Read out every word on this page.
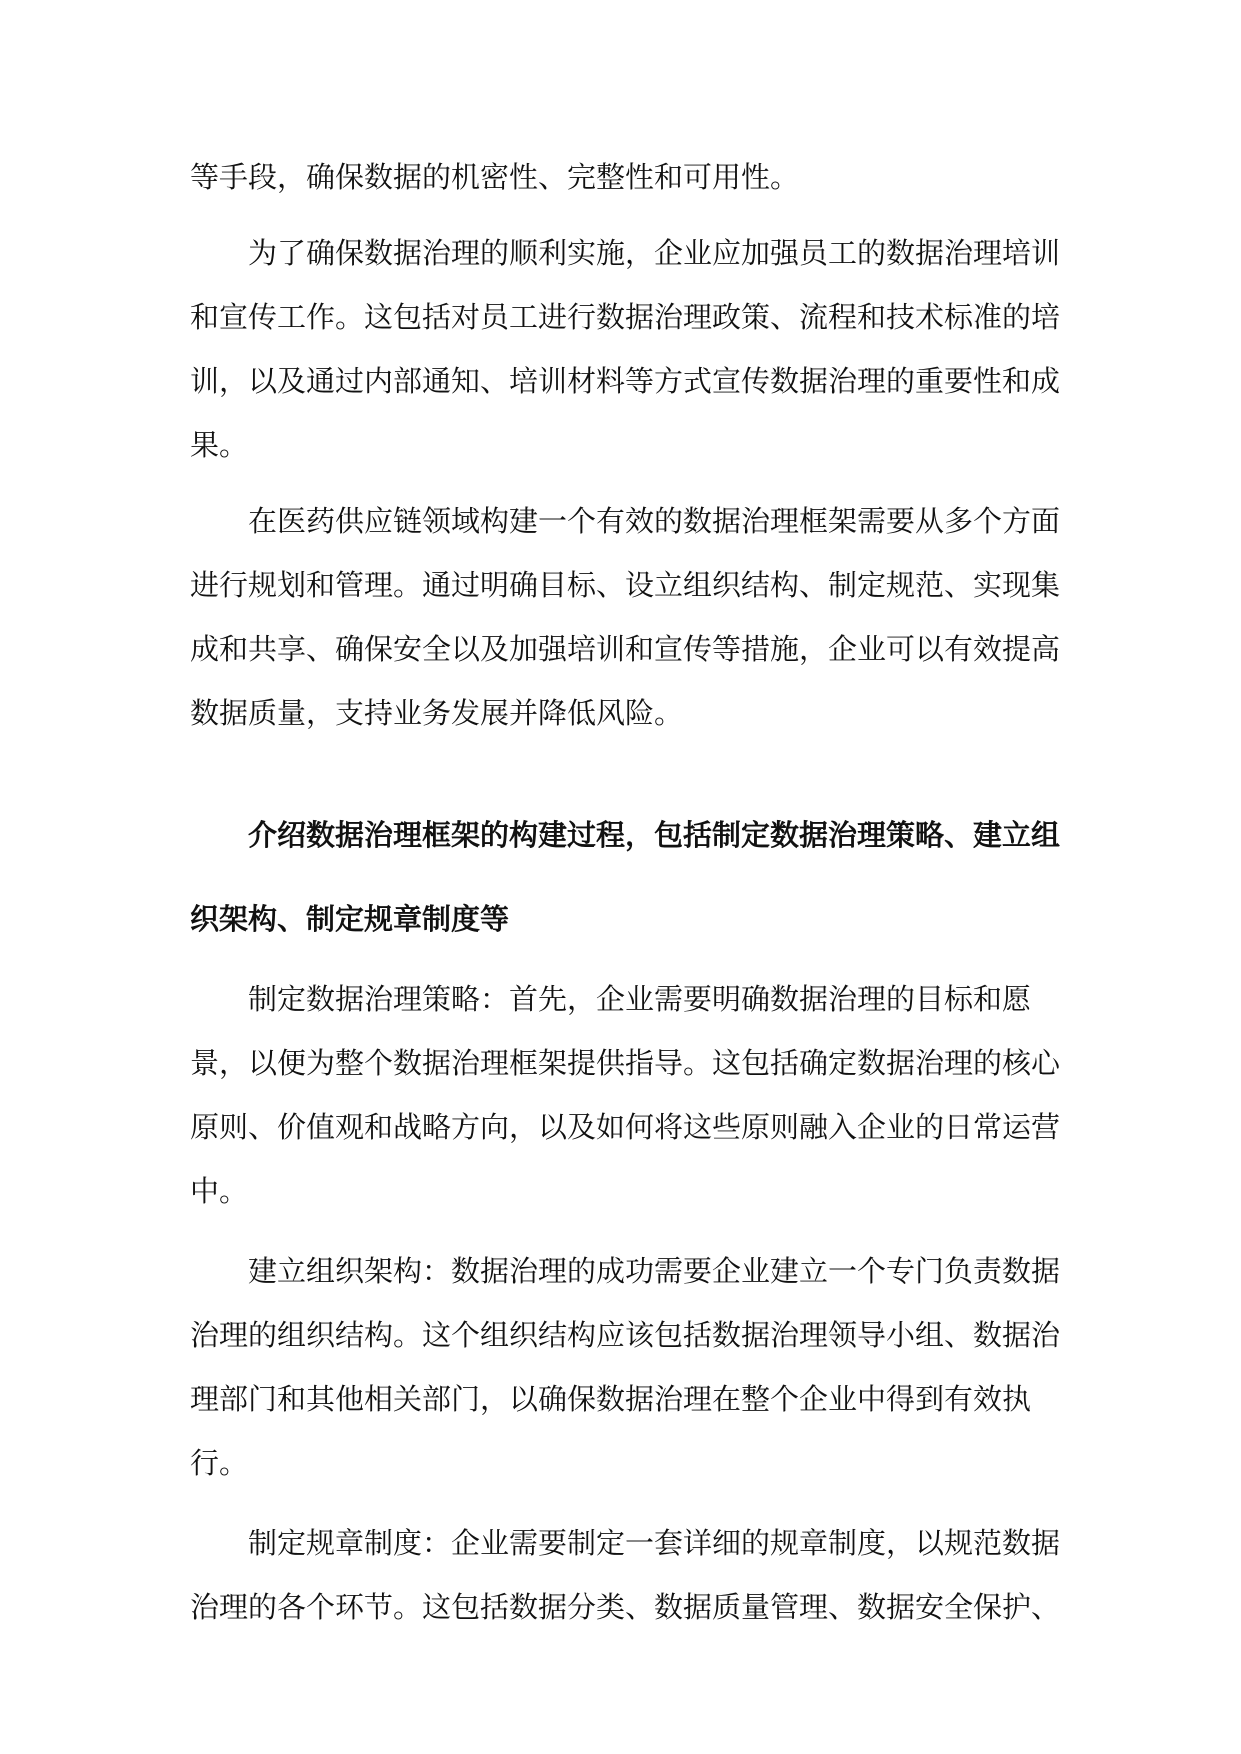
等手段，确保数据的机密性、完整性和可用性。

为了确保数据治理的顺利实施，企业应加强员工的数据治理培训和宣传工作。这包括对员工进行数据治理政策、流程和技术标准的培训，以及通过内部通知、培训材料等方式宣传数据治理的重要性和成果。

在医药供应链领域构建一个有效的数据治理框架需要从多个方面进行规划和管理。通过明确目标、设立组织结构、制定规范、实现集成和共享、确保安全以及加强培训和宣传等措施，企业可以有效提高数据质量，支持业务发展并降低风险。

介绍数据治理框架的构建过程，包括制定数据治理策略、建立组织架构、制定规章制度等

制定数据治理策略：首先，企业需要明确数据治理的目标和愿景，以便为整个数据治理框架提供指导。这包括确定数据治理的核心原则、价值观和战略方向，以及如何将这些原则融入企业的日常运营中。

建立组织架构：数据治理的成功需要企业建立一个专门负责数据治理的组织结构。这个组织结构应该包括数据治理领导小组、数据治理部门和其他相关部门，以确保数据治理在整个企业中得到有效执行。

制定规章制度：企业需要制定一套详细的规章制度，以规范数据治理的各个环节。这包括数据分类、数据质量管理、数据安全保护、
